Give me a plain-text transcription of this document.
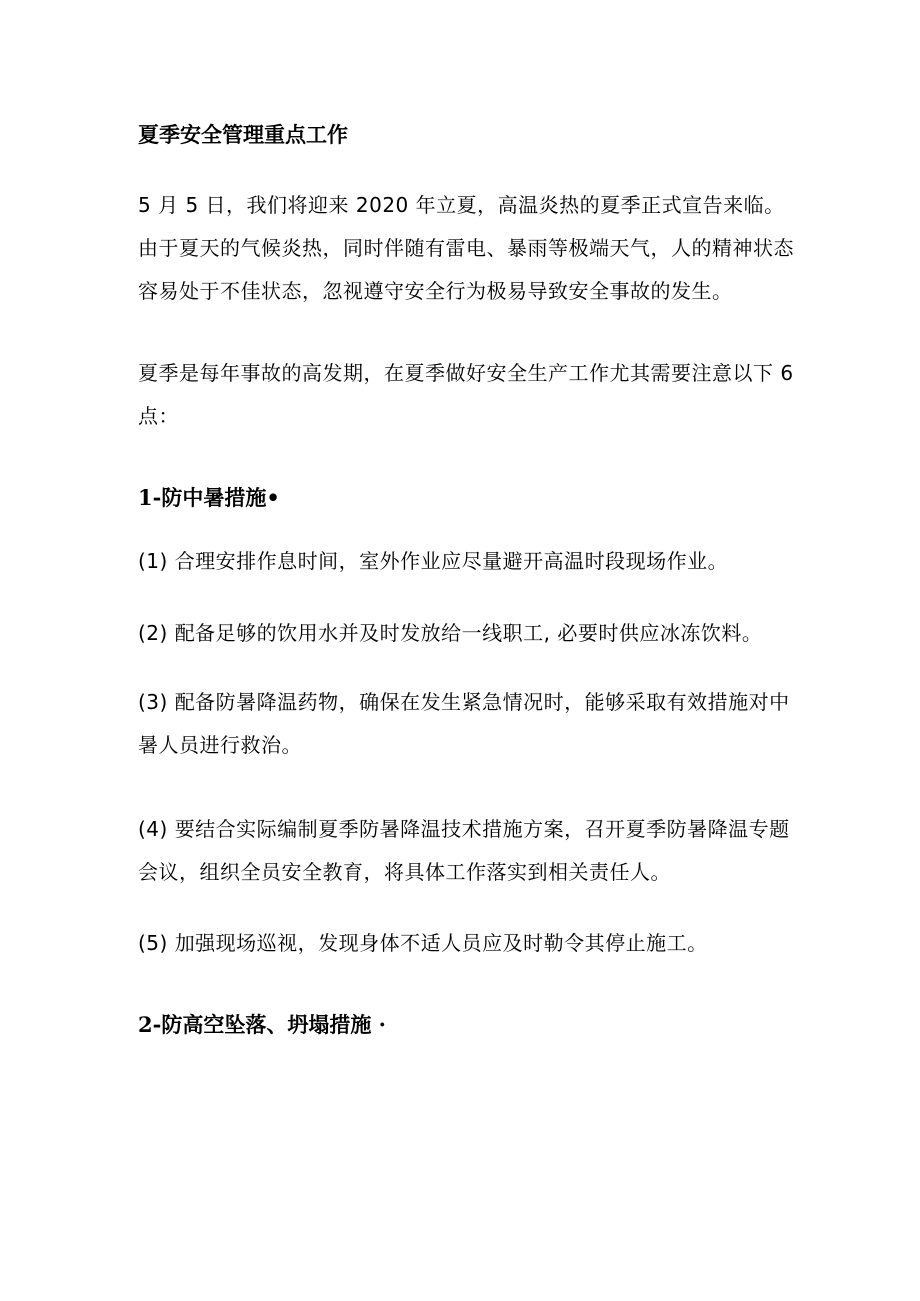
夏季安全管理重点工作

5 月 5 日，我们将迎来 2020 年立夏，高温炎热的夏季正式宣告来临。由于夏天的气候炎热，同时伴随有雷电、暴雨等极端天气，人的精神状态容易处于不佳状态，忽视遵守安全行为极易导致安全事故的发生。

夏季是每年事故的高发期，在夏季做好安全生产工作尤其需要注意以下 6 点：

1-防中暑措施•

(1) 合理安排作息时间，室外作业应尽量避开高温时段现场作业。

(2) 配备足够的饮用水并及时发放给一线职工, 必要时供应冰冻饮料。

(3) 配备防暑降温药物，确保在发生紧急情况时，能够采取有效措施对中暑人员进行救治。

(4) 要结合实际编制夏季防暑降温技术措施方案，召开夏季防暑降温专题会议，组织全员安全教育，将具体工作落实到相关责任人。

(5) 加强现场巡视，发现身体不适人员应及时勒令其停止施工。

2-防高空坠落、坍塌措施 ·
